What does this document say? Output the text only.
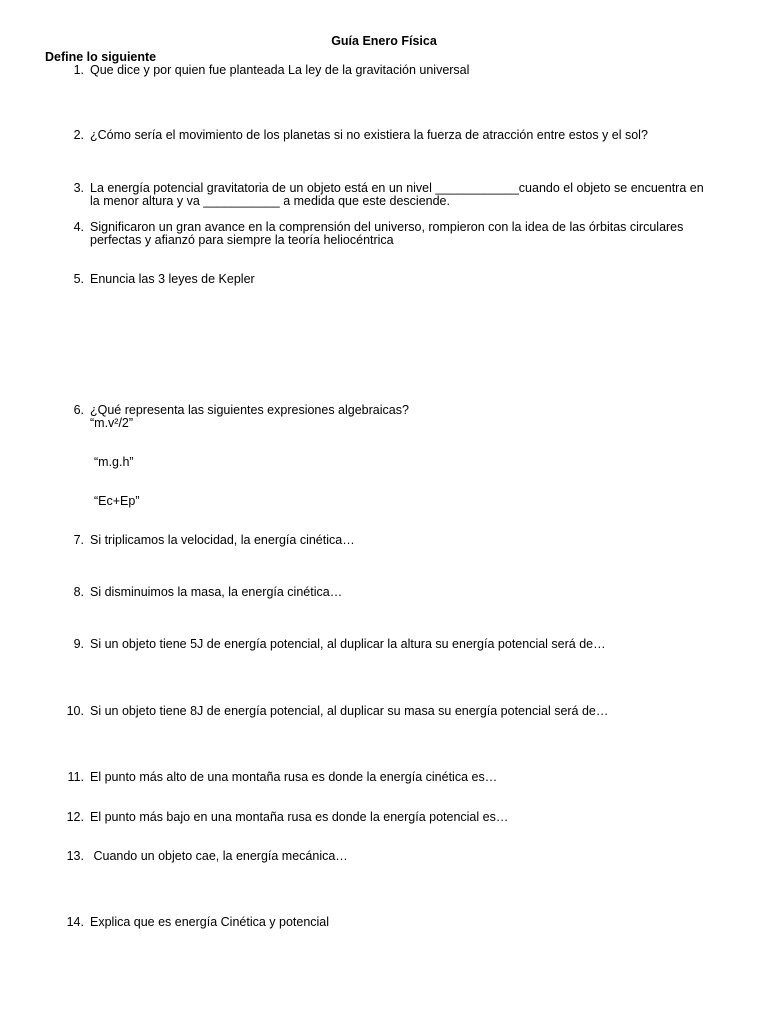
Guía Enero Física
Define lo siguiente
1. Que dice y por quien fue planteada La ley de la gravitación universal
2. ¿Cómo sería el movimiento de los planetas si no existiera la fuerza de atracción entre estos y el sol?
3. La energía potencial gravitatoria de un objeto está en un nivel ____________cuando el objeto se encuentra en la menor altura y va ___________ a medida que este desciende.
4. Significaron un gran avance en la comprensión del universo, rompieron con la idea de las órbitas circulares perfectas y afianzó para siempre la teoría heliocéntrica
5. Enuncia las 3 leyes de Kepler
6. ¿Qué representa las siguientes expresiones algebraicas?
“m.v²/2”
“m.g.h”
“Ec+Ep”
7. Si triplicamos la velocidad, la energía cinética…
8. Si disminuimos la masa, la energía cinética…
9. Si un objeto tiene 5J de energía potencial, al duplicar la altura su energía potencial será de…
10. Si un objeto tiene 8J de energía potencial, al duplicar su masa su energía potencial será de…
11. El punto más alto de una montaña rusa es donde la energía cinética es…
12. El punto más bajo en una montaña rusa es donde la energía potencial es…
13. Cuando un objeto cae, la energía mecánica…
14. Explica que es energía Cinética y potencial
